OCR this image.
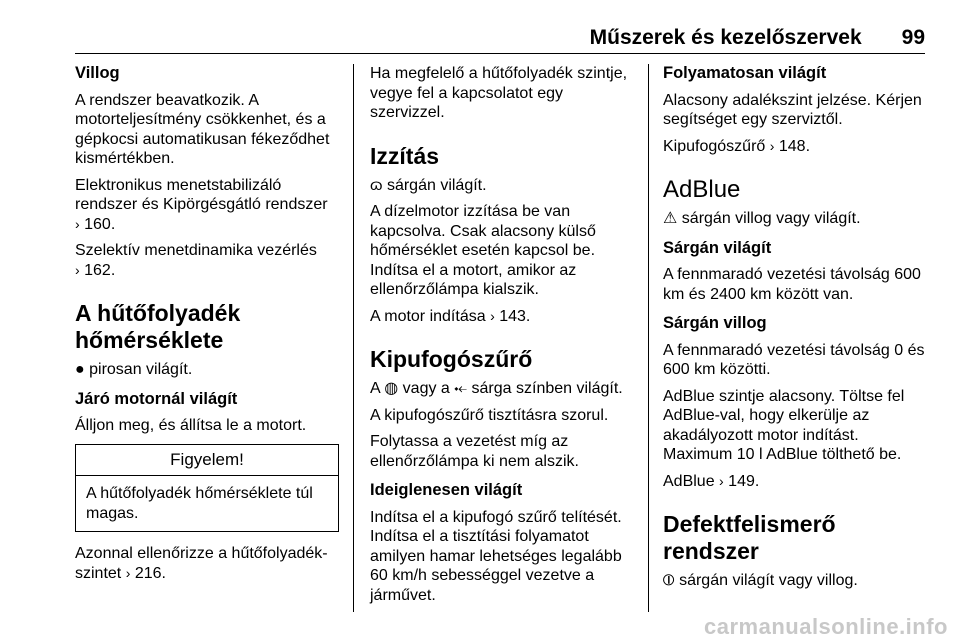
Műszerek és kezelőszervek 99
Villog

A rendszer beavatkozik. A motorteljesítmény csökkenhet, és a gépkocsi automatikusan fékeződhet kismértékben.

Elektronikus menetstabilizáló rendszer és Kipörgésgátló rendszer
› 160.

Szelektív menetdinamika vezérlés
› 162.

A hűtőfolyadék hőmérséklete

● pirosan világít.

Járó motornál világít

Álljon meg, és állítsa le a motort.

Figyelem!
A hűtőfolyadék hőmérséklete túl magas.

Azonnal ellenőrizze a hűtőfolyadék-szintet › 216.

Ha megfelelő a hűtőfolyadék szintje, vegye fel a kapcsolatot egy szervizzel.

Izzítás

ɷ sárgán világít.

A dízelmotor izzítása be van kapcsolva. Csak alacsony külső hőmérséklet esetén kapcsol be. Indítsa el a motort, amikor az ellenőrzőlámpa kialszik.

A motor indítása › 143.

Kipufogószűrő

A ◍ vagy a ⤝ sárga színben világít.

A kipufogószűrő tisztításra szorul.

Folytassa a vezetést míg az ellenőrzőlámpa ki nem alszik.

Ideiglenesen világít

Indítsa el a kipufogó szűrő telítését. Indítsa el a tisztítási folyamatot amilyen hamar lehetséges legalább 60 km/h sebességgel vezetve a járművet.

Folyamatosan világít

Alacsony adalékszint jelzése. Kérjen segítséget egy szerviztől.

Kipufogószűrő › 148.

AdBlue

⚠ sárgán villog vagy világít.

Sárgán világít

A fennmaradó vezetési távolság 600 km és 2400 km között van.

Sárgán villog

A fennmaradó vezetési távolság 0 és 600 km közötti.

AdBlue szintje alacsony. Töltse fel AdBlue-val, hogy elkerülje az akadályozott motor indítást. Maximum 10 l AdBlue tölthető be.

AdBlue › 149.

Defektfelismerő rendszer

⦶ sárgán világít vagy villog.

carmanualsonline.info
